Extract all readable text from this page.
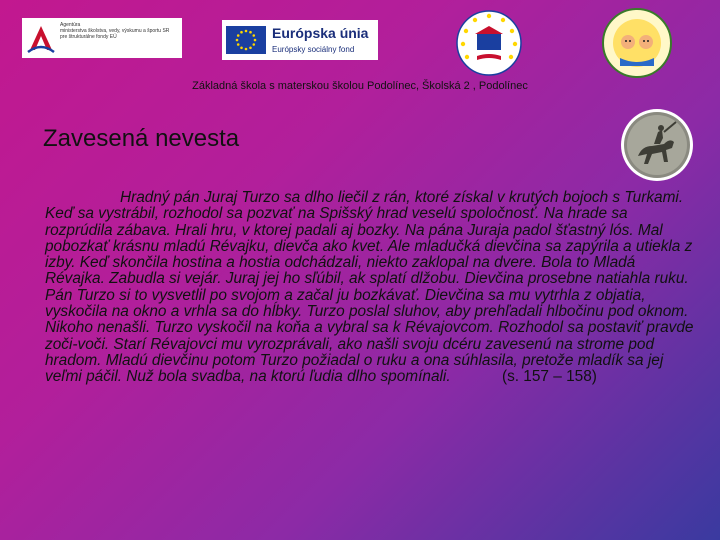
Agentúra
ministerstva školstva, vedy, výskumu a športu SR
pre štrukturálne fondy EÚ	Európska únia
Európsky sociálny fond
Základná škola s materskou školou Podolínec, Školská 2 , Podolínec
Zavesená nevesta

Hradný pán Juraj Turzo sa dlho liečil z rán, ktoré získal v krutých bojoch s Turkami. Keď sa vystrábil, rozhodol sa pozvať na Spišský hrad veselú spoločnosť. Na hrade sa rozprúdila zábava. Hrali hru, v ktorej padali aj bozky. Na pána Juraja padol šťastný lós. Mal pobozkať krásnu mladú Révajku, dievča ako kvet. Ale mladučká dievčina sa zapýrila a utiekla z izby. Keď skončila hostina a hostia odchádzali, niekto zaklopal na dvere. Bola to Mladá Révajka. Zabudla si vejár. Juraj jej ho sľúbil, ak splatí dlžobu. Dievčina prosebne natiahla ruku. Pán Turzo si to vysvetlil po svojom a začal ju bozkávať. Dievčina sa mu vytrhla z objatia, vyskočila na okno a vrhla sa do hĺbky. Turzo poslal sluhov, aby prehľadali hlbočinu pod oknom. Nikoho nenašli. Turzo vyskočil na koňa a vybral sa k Révajovcom. Rozhodol sa postaviť pravde zoči-voči. Starí Révajovci mu vyrozprávali, ako našli svoju dcéru zavesenú na strome pod hradom. Mladú dievčinu potom Turzo požiadal o ruku a ona súhlasila, pretože mladík sa jej veľmi páčil. Nuž bola svadba, na ktorú ľudia dlho spomínali.	(s. 157 – 158)
